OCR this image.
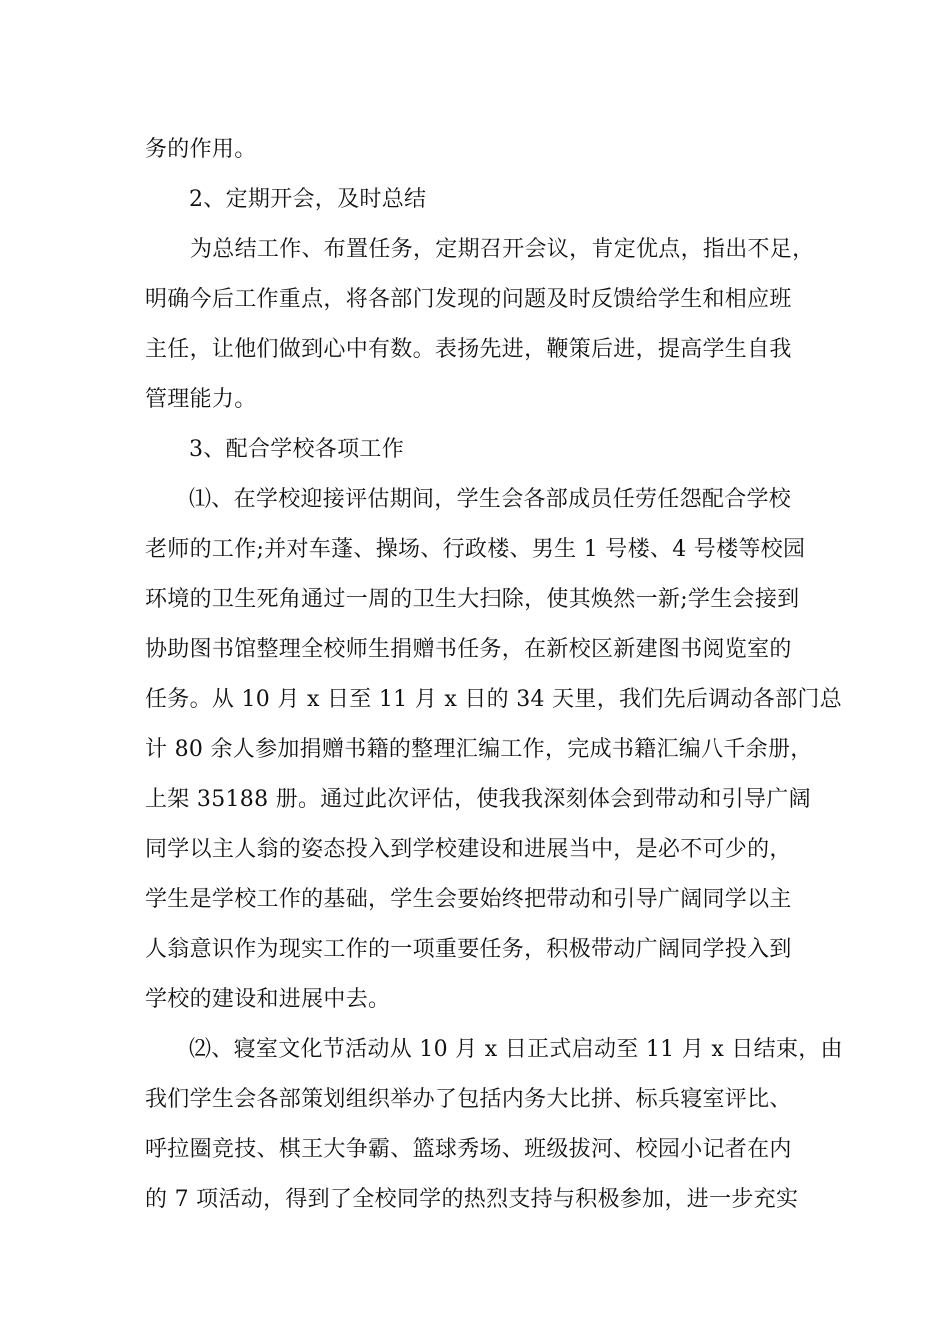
务的作用。
2、定期开会，及时总结
为总结工作、布置任务，定期召开会议，肯定优点，指出不足，
明确今后工作重点，将各部门发现的问题及时反馈给学生和相应班
主任，让他们做到心中有数。表扬先进，鞭策后进，提高学生自我
管理能力。
3、配合学校各项工作
⑴、在学校迎接评估期间，学生会各部成员任劳任怨配合学校
老师的工作;并对车蓬、操场、行政楼、男生 1 号楼、4 号楼等校园
环境的卫生死角通过一周的卫生大扫除，使其焕然一新;学生会接到
协助图书馆整理全校师生捐赠书任务，在新校区新建图书阅览室的
任务。从 10 月 x 日至 11 月 x 日的 34 天里，我们先后调动各部门总
计 80 余人参加捐赠书籍的整理汇编工作，完成书籍汇编八千余册，
上架 35188 册。通过此次评估，使我我深刻体会到带动和引导广阔
同学以主人翁的姿态投入到学校建设和进展当中，是必不可少的，
学生是学校工作的基础，学生会要始终把带动和引导广阔同学以主
人翁意识作为现实工作的一项重要任务，积极带动广阔同学投入到
学校的建设和进展中去。
⑵、寝室文化节活动从 10 月 x 日正式启动至 11 月 x 日结束，由
我们学生会各部策划组织举办了包括内务大比拼、标兵寝室评比、
呼拉圈竞技、棋王大争霸、篮球秀场、班级拔河、校园小记者在内
的 7 项活动，得到了全校同学的热烈支持与积极参加，进一步充实
